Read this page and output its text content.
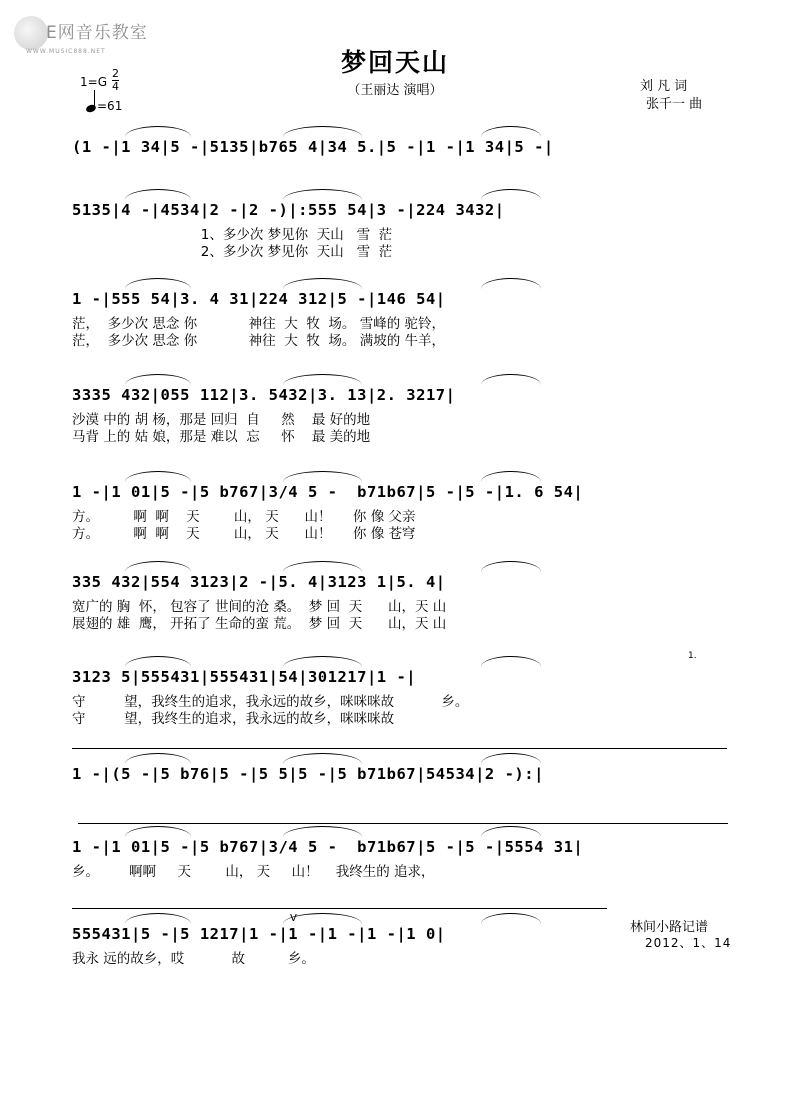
E网音乐教室
WWW.MUSIC888.NET	梦回天山
（王丽达 演唱）	刘 凡 词
张千一 曲
$1=G \frac{2}{4}$
=61
(1 -|1 34|5 -|5135|b765 4|34 5.|5 -|1 -|1 34|5 -|
5135|4 -|4534|2 -|2 -)|:555 54|3 -|224 3432|
1、多少次 梦见你  天山   雪  茫
2、多少次 梦见你  天山   雪  茫
1 -|555 54|3. 4 31|224 312|5 -|146 54|
茫，  多少次 思念 你            神往  大  牧  场。 雪峰的 驼铃，
茫，  多少次 思念 你            神往  大  牧  场。 满坡的 牛羊，
3335 432|055 112|3. 5432|3. 13|2. 3217|
沙漠 中的 胡 杨，那是 回归  自     然    最 好的地
马背 上的 姑 娘，那是 难以  忘     怀    最 美的地
1 -|1 01|5 -|5 b767|3/4 5 -  b71b67|5 -|5 -|1. 6 54|
方。        啊  啊    天        山， 天      山！     你 像 父亲
方。        啊  啊    天        山， 天      山！     你 像 苍穹
335 432|554 3123|2 -|5. 4|3123 1|5. 4|
宽广的 胸  怀， 包容了 世间的沧 桑。  梦 回  天      山，天 山
展翅的 雄  鹰， 开拓了 生命的蛮 荒。  梦 回  天      山，天 山
3123 5|555431|555431|54|301217|1 -|
守         望，我终生的追求，我永远的故乡，咪咪咪故           乡。
守         望，我终生的追求，我永远的故乡，咪咪咪故
1 -|(5 -|5 b76|5 -|5 5|5 -|5 b71b67|54534|2 -):|
1 -|1 01|5 -|5 b767|3/4 5 -  b71b67|5 -|5 -|5554 31|
乡。       啊啊     天        山， 天     山！    我终生的 追求，
555431|5 -|5 1217|1 -|1 -|1 -|1 -|1 0|
我永 远的故乡，哎           故          乡。
1.
V
林间小路记谱
2012、1、14
